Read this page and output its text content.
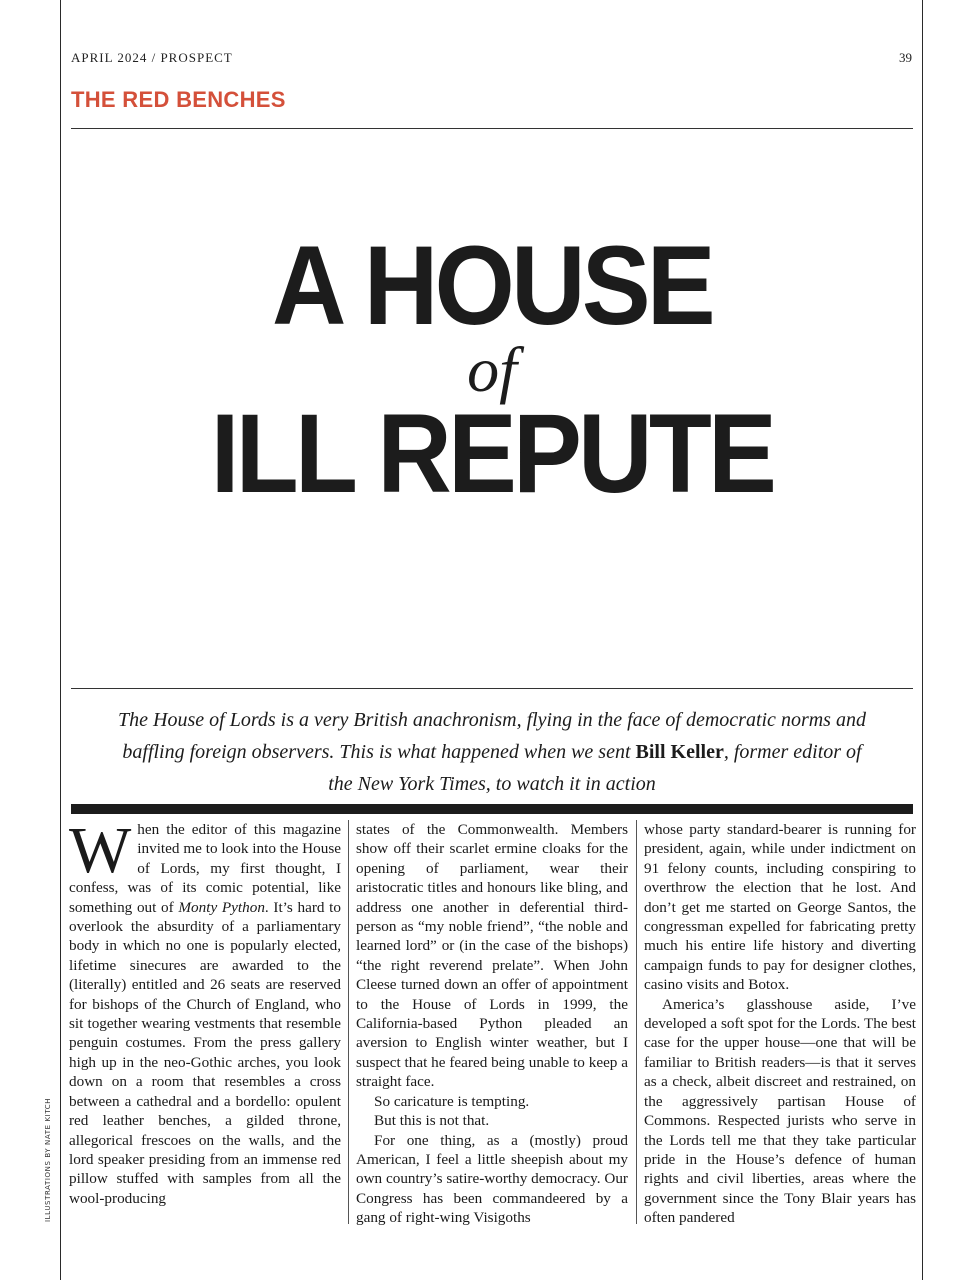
APRIL 2024 / PROSPECT	39
THE RED BENCHES
A HOUSE
of
ILL REPUTE
The House of Lords is a very British anachronism, flying in the face of democratic norms and baffling foreign observers. This is what happened when we sent Bill Keller, former editor of the New York Times, to watch it in action
When the editor of this magazine invited me to look into the House of Lords, my first thought, I confess, was of its comic potential, like something out of Monty Python. It’s hard to overlook the absurdity of a parliamentary body in which no one is popularly elected, lifetime sinecures are awarded to the (literally) entitled and 26 seats are reserved for bishops of the Church of England, who sit together wearing vestments that resemble penguin costumes. From the press gallery high up in the neo-Gothic arches, you look down on a room that resembles a cross between a cathedral and a bordello: opulent red leather benches, a gilded throne, allegorical frescoes on the walls, and the lord speaker presiding from an immense red pillow stuffed with samples from all the wool-producing
states of the Commonwealth. Members show off their scarlet ermine cloaks for the opening of parliament, wear their aristocratic titles and honours like bling, and address one another in deferential third-person as “my noble friend”, “the noble and learned lord” or (in the case of the bishops) “the right reverend prelate”. When John Cleese turned down an offer of appointment to the House of Lords in 1999, the California-based Python pleaded an aversion to English winter weather, but I suspect that he feared being unable to keep a straight face.
So caricature is tempting.
But this is not that.
For one thing, as a (mostly) proud American, I feel a little sheepish about my own country’s satire-worthy democracy. Our Congress has been commandeered by a gang of right-wing Visigoths
whose party standard-bearer is running for president, again, while under indictment on 91 felony counts, including conspiring to overthrow the election that he lost. And don’t get me started on George Santos, the congressman expelled for fabricating pretty much his entire life history and diverting campaign funds to pay for designer clothes, casino visits and Botox.
America’s glasshouse aside, I’ve developed a soft spot for the Lords. The best case for the upper house—one that will be familiar to British readers—is that it serves as a check, albeit discreet and restrained, on the aggressively partisan House of Commons. Respected jurists who serve in the Lords tell me that they take particular pride in the House’s defence of human rights and civil liberties, areas where the government since the Tony Blair years has often pandered
ILLUSTRATIONS BY NATE KITCH
